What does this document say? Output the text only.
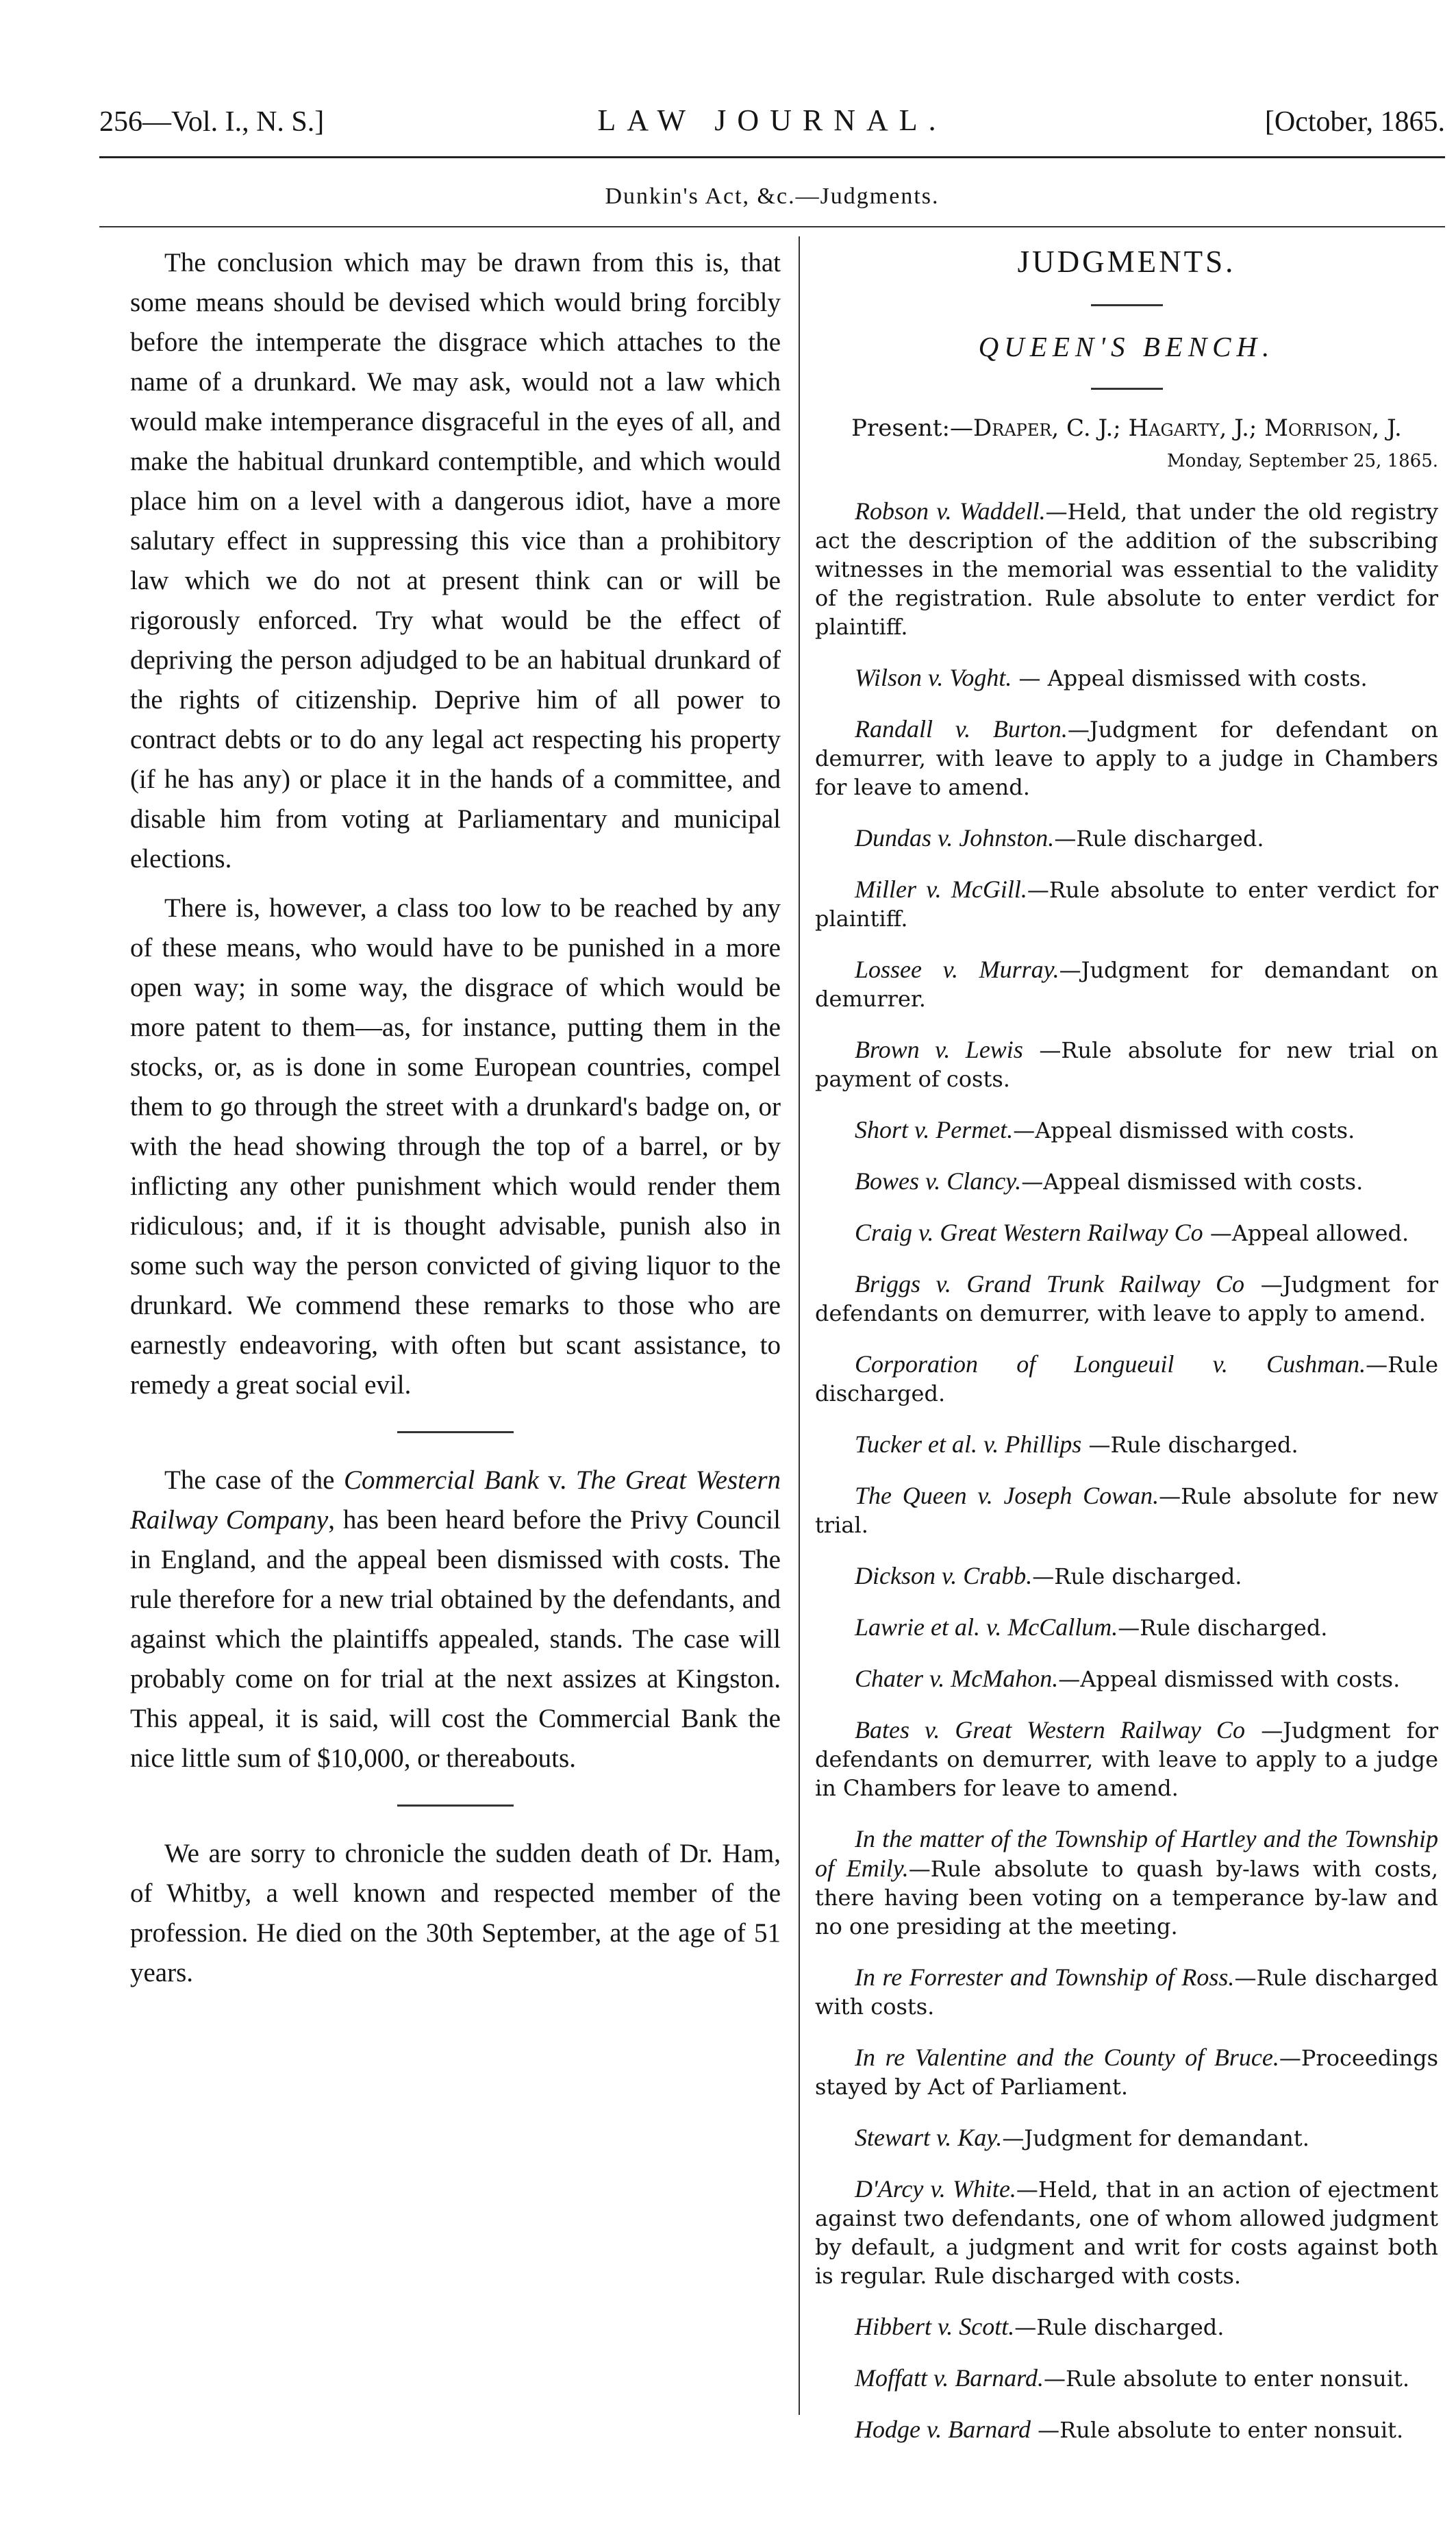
256—Vol. I., N. S.]	LAW JOURNAL.	[October, 1865.
Dunkin's Act, &c.—Judgments.

The conclusion which may be drawn from this is, that some means should be devised which would bring forcibly before the intemperate the disgrace which attaches to the name of a drunkard. We may ask, would not a law which would make intemperance disgraceful in the eyes of all, and make the habitual drunkard contemptible, and which would place him on a level with a dangerous idiot, have a more salutary effect in suppressing this vice than a prohibitory law which we do not at present think can or will be rigorously enforced. Try what would be the effect of depriving the person adjudged to be an habitual drunkard of the rights of citizenship. Deprive him of all power to contract debts or to do any legal act respecting his property (if he has any) or place it in the hands of a committee, and disable him from voting at Parliamentary and municipal elections.

There is, however, a class too low to be reached by any of these means, who would have to be punished in a more open way; in some way, the disgrace of which would be more patent to them—as, for instance, putting them in the stocks, or, as is done in some European countries, compel them to go through the street with a drunkard's badge on, or with the head showing through the top of a barrel, or by inflicting any other punishment which would render them ridiculous; and, if it is thought advisable, punish also in some such way the person convicted of giving liquor to the drunkard. We commend these remarks to those who are earnestly endeavoring, with often but scant assistance, to remedy a great social evil.

The case of the Commercial Bank v. The Great Western Railway Company, has been heard before the Privy Council in England, and the appeal been dismissed with costs. The rule therefore for a new trial obtained by the defendants, and against which the plaintiffs appealed, stands. The case will probably come on for trial at the next assizes at Kingston. This appeal, it is said, will cost the Commercial Bank the nice little sum of $10,000, or thereabouts.

We are sorry to chronicle the sudden death of Dr. Ham, of Whitby, a well known and respected member of the profession. He died on the 30th September, at the age of 51 years.

JUDGMENTS.
QUEEN'S BENCH.
Present:—Draper, C. J.; Hagarty, J.; Morrison, J.
Monday, September 25, 1865.

Robson v. Waddell.—Held, that under the old registry act the description of the addition of the subscribing witnesses in the memorial was essential to the validity of the registration. Rule absolute to enter verdict for plaintiff.

Wilson v. Voght. — Appeal dismissed with costs.

Randall v. Burton.—Judgment for defendant on demurrer, with leave to apply to a judge in Chambers for leave to amend.

Dundas v. Johnston.—Rule discharged.

Miller v. McGill.—Rule absolute to enter verdict for plaintiff.

Lossee v. Murray.—Judgment for demandant on demurrer.

Brown v. Lewis —Rule absolute for new trial on payment of costs.

Short v. Permet.—Appeal dismissed with costs.

Bowes v. Clancy.—Appeal dismissed with costs.

Craig v. Great Western Railway Co —Appeal allowed.

Briggs v. Grand Trunk Railway Co —Judgment for defendants on demurrer, with leave to apply to amend.

Corporation of Longueuil v. Cushman.—Rule discharged.

Tucker et al. v. Phillips —Rule discharged.

The Queen v. Joseph Cowan.—Rule absolute for new trial.

Dickson v. Crabb.—Rule discharged.

Lawrie et al. v. McCallum.—Rule discharged.

Chater v. McMahon.—Appeal dismissed with costs.

Bates v. Great Western Railway Co —Judgment for defendants on demurrer, with leave to apply to a judge in Chambers for leave to amend.

In the matter of the Township of Hartley and the Township of Emily.—Rule absolute to quash by-laws with costs, there having been voting on a temperance by-law and no one presiding at the meeting.

In re Forrester and Township of Ross.—Rule discharged with costs.

In re Valentine and the County of Bruce.—Proceedings stayed by Act of Parliament.

Stewart v. Kay.—Judgment for demandant.

D'Arcy v. White.—Held, that in an action of ejectment against two defendants, one of whom allowed judgment by default, a judgment and writ for costs against both is regular. Rule discharged with costs.

Hibbert v. Scott.—Rule discharged.

Moffatt v. Barnard.—Rule absolute to enter nonsuit.

Hodge v. Barnard —Rule absolute to enter nonsuit.
